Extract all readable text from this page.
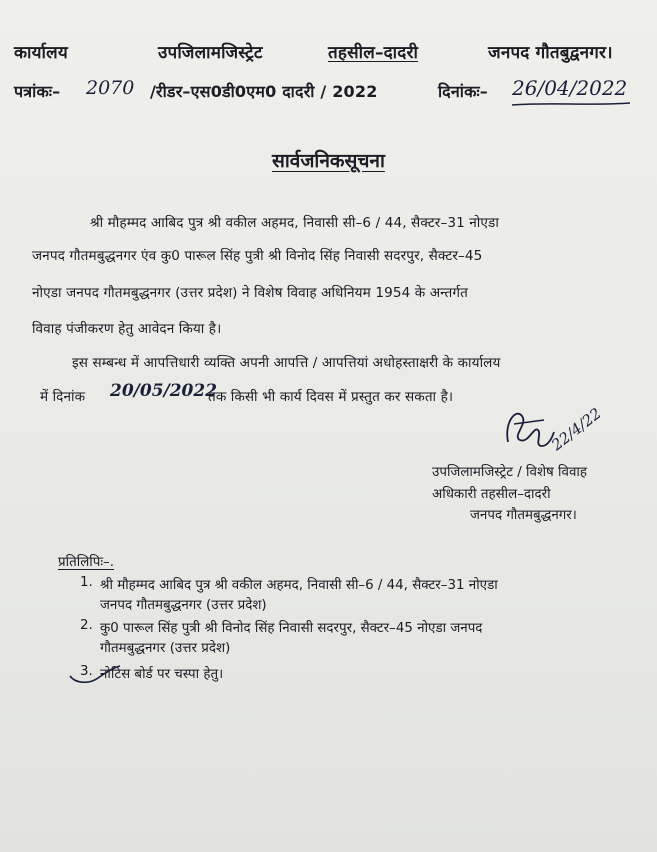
कार्यालय	उपजिलामजिस्ट्रेट	तहसील–दादरी	जनपद गौतबुद्वनगर।
पत्रांकः– 2070 /रीडर–एस0डी0एम0 दादरी / 2022	दिनांकः– 26/04/2022
सार्वजनिकसूचना
श्री मौहम्मद आबिद पुत्र श्री वकील अहमद, निवासी सी–6 / 44, सैक्टर–31 नोएडा
जनपद गौतमबुद्धनगर एंव कु0 पारूल सिंह पुत्री श्री विनोद सिंह निवासी सदरपुर, सैक्टर–45
नोएडा जनपद गौतमबुद्धनगर (उत्तर प्रदेश) ने विशेष विवाह अधिनियम 1954 के अन्तर्गत
विवाह पंजीकरण हेतु आवेदन किया है।
इस सम्बन्ध में आपत्तिधारी व्यक्ति अपनी आपत्ति / आपत्तियां अधोहस्ताक्षरी के कार्यालय
में दिनांक 20/05/2022
तक किसी भी कार्य दिवस में प्रस्तुत कर सकता है।
22/4/22
उपजिलामजिस्ट्रेट / विशेष विवाह
अधिकारी तहसील–दादरी
जनपद गौतमबुद्धनगर।
प्रतिलिपिः–.
1. श्री मौहम्मद आबिद पुत्र श्री वकील अहमद, निवासी सी–6 / 44, सैक्टर–31 नोएडा
जनपद गौतमबुद्धनगर (उत्तर प्रदेश)
2. कु0 पारूल सिंह पुत्री श्री विनोद सिंह निवासी सदरपुर, सैक्टर–45 नोएडा जनपद
गौतमबुद्धनगर (उत्तर प्रदेश)
3. नोटिस बोर्ड पर चस्पा हेतु।
